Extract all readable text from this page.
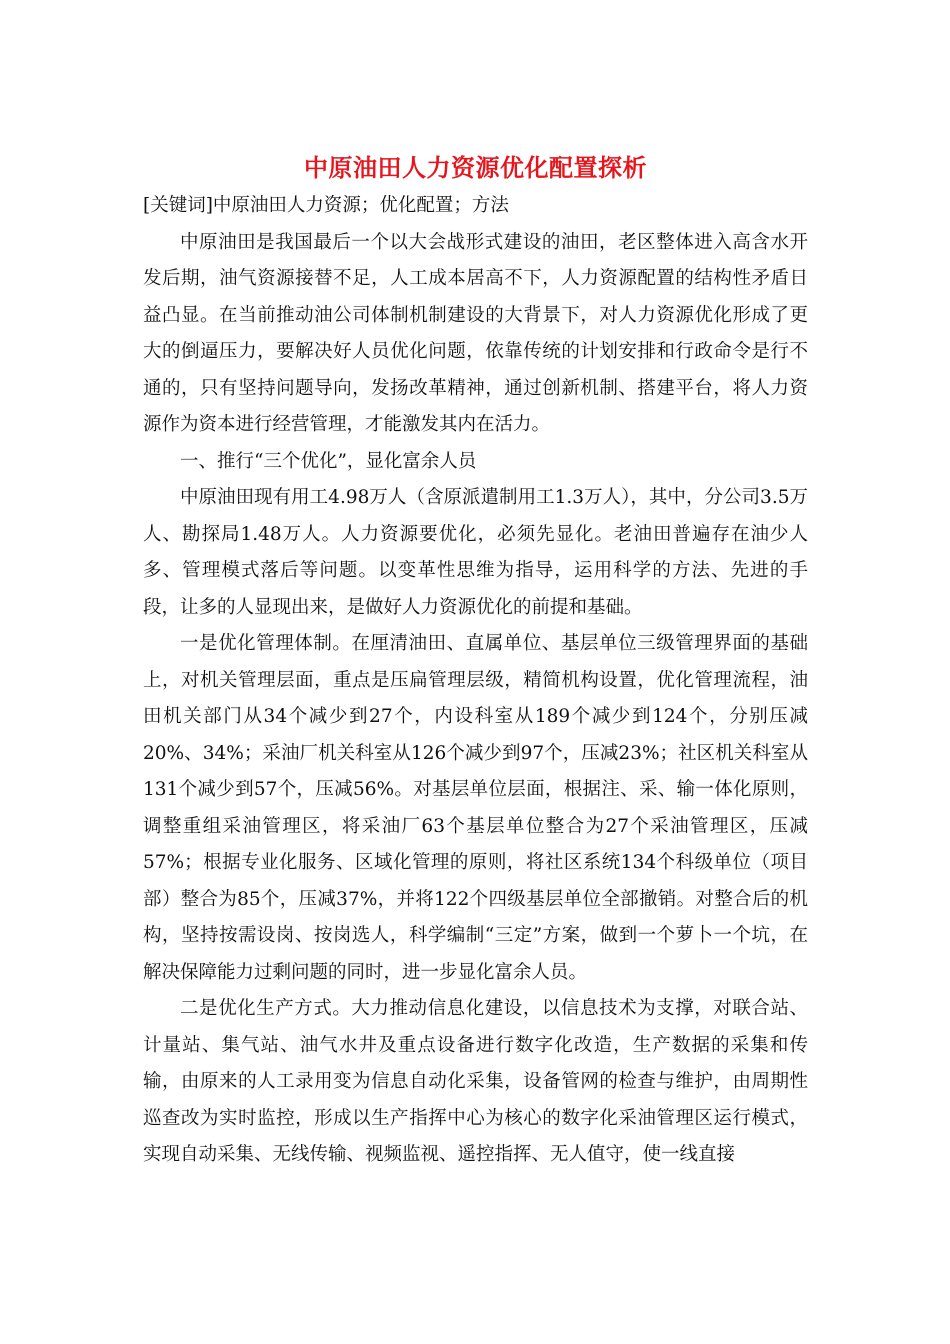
中原油田人力资源优化配置探析

[关键词]中原油田人力资源；优化配置；方法

中原油田是我国最后一个以大会战形式建设的油田，老区整体进入高含水开发后期，油气资源接替不足，人工成本居高不下，人力资源配置的结构性矛盾日益凸显。在当前推动油公司体制机制建设的大背景下，对人力资源优化形成了更大的倒逼压力，要解决好人员优化问题，依靠传统的计划安排和行政命令是行不通的，只有坚持问题导向，发扬改革精神，通过创新机制、搭建平台，将人力资源作为资本进行经营管理，才能激发其内在活力。

一、推行“三个优化”，显化富余人员

中原油田现有用工4.98万人（含原派遣制用工1.3万人），其中，分公司3.5万人、勘探局1.48万人。人力资源要优化，必须先显化。老油田普遍存在油少人多、管理模式落后等问题。以变革性思维为指导，运用科学的方法、先进的手段，让多的人显现出来，是做好人力资源优化的前提和基础。

一是优化管理体制。在厘清油田、直属单位、基层单位三级管理界面的基础上，对机关管理层面，重点是压扁管理层级，精简机构设置，优化管理流程，油田机关部门从34个减少到27个，内设科室从189个减少到124个，分别压减20%、34%；采油厂机关科室从126个减少到97个，压减23%；社区机关科室从131个减少到57个，压减56%。对基层单位层面，根据注、采、输一体化原则，调整重组采油管理区，将采油厂63个基层单位整合为27个采油管理区，压减57%；根据专业化服务、区域化管理的原则，将社区系统134个科级单位（项目部）整合为85个，压减37%，并将122个四级基层单位全部撤销。对整合后的机构，坚持按需设岗、按岗选人，科学编制“三定”方案，做到一个萝卜一个坑，在解决保障能力过剩问题的同时，进一步显化富余人员。

二是优化生产方式。大力推动信息化建设，以信息技术为支撑，对联合站、计量站、集气站、油气水井及重点设备进行数字化改造，生产数据的采集和传输，由原来的人工录用变为信息自动化采集，设备管网的检查与维护，由周期性巡查改为实时监控，形成以生产指挥中心为核心的数字化采油管理区运行模式，实现自动采集、无线传输、视频监视、遥控指挥、无人值守，使一线直接
